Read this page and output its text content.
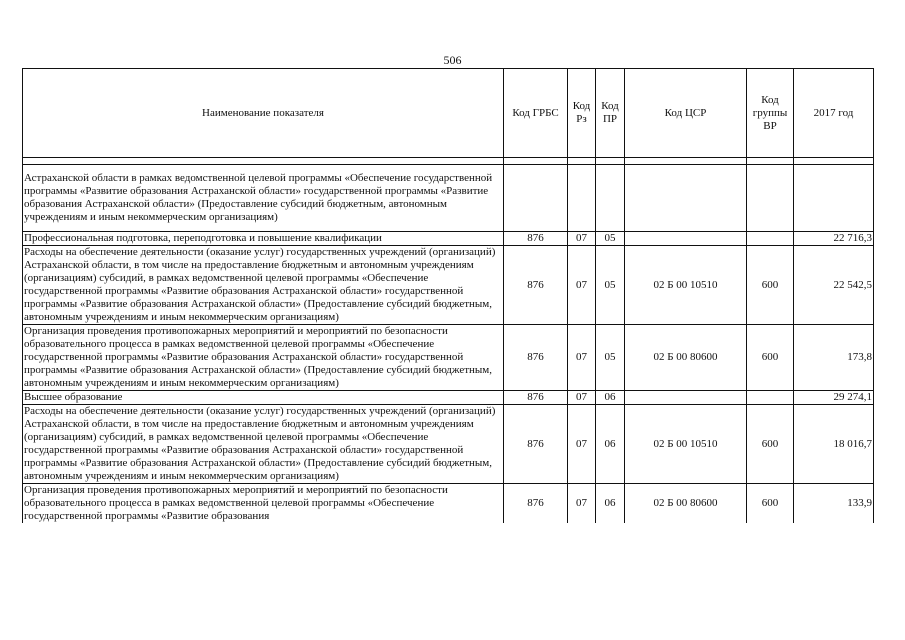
506
Наименование показателя	Код ГРБС	Код Рз	Код ПР	Код ЦСР	Код группы ВР	2017 год

Астраханской области в рамках ведомственной целевой программы «Обеспечение государственной программы «Развитие образования Астраханской области» государственной программы «Развитие образования Астраханской области» (Предоставление субсидий бюджетным, автономным учреждениям и иным некоммерческим организациям)						
Профессиональная подготовка, переподготовка и повышение квалификации	876	07	05			22 716,3
Расходы на обеспечение деятельности (оказание услуг) государственных учреждений (организаций) Астраханской области, в том числе на предоставление бюджетным и автономным учреждениям (организациям) субсидий, в рамках ведомственной целевой программы «Обеспечение государственной программы «Развитие образования Астраханской области» государственной программы «Развитие образования Астраханской области» (Предоставление субсидий бюджетным, автономным учреждениям и иным некоммерческим организациям)	876	07	05	02 Б 00 10510	600	22 542,5
Организация проведения противопожарных мероприятий и мероприятий по безопасности образовательного процесса в рамках ведомственной целевой программы «Обеспечение государственной программы «Развитие образования Астраханской области» государственной программы «Развитие образования Астраханской области» (Предоставление субсидий бюджетным, автономным учреждениям и иным некоммерческим организациям)	876	07	05	02 Б 00 80600	600	173,8
Высшее образование	876	07	06			29 274,1
Расходы на обеспечение деятельности (оказание услуг) государственных учреждений (организаций) Астраханской области, в том числе на предоставление бюджетным и автономным учреждениям (организациям) субсидий, в рамках ведомственной целевой программы «Обеспечение государственной программы «Развитие образования Астраханской области» государственной программы «Развитие образования Астраханской области» (Предоставление субсидий бюджетным, автономным учреждениям и иным некоммерческим организациям)	876	07	06	02 Б 00 10510	600	18 016,7
Организация проведения противопожарных мероприятий и мероприятий по безопасности образовательного процесса в рамках ведомственной целевой программы «Обеспечение государственной программы «Развитие образования	876	07	06	02 Б 00 80600	600	133,9
